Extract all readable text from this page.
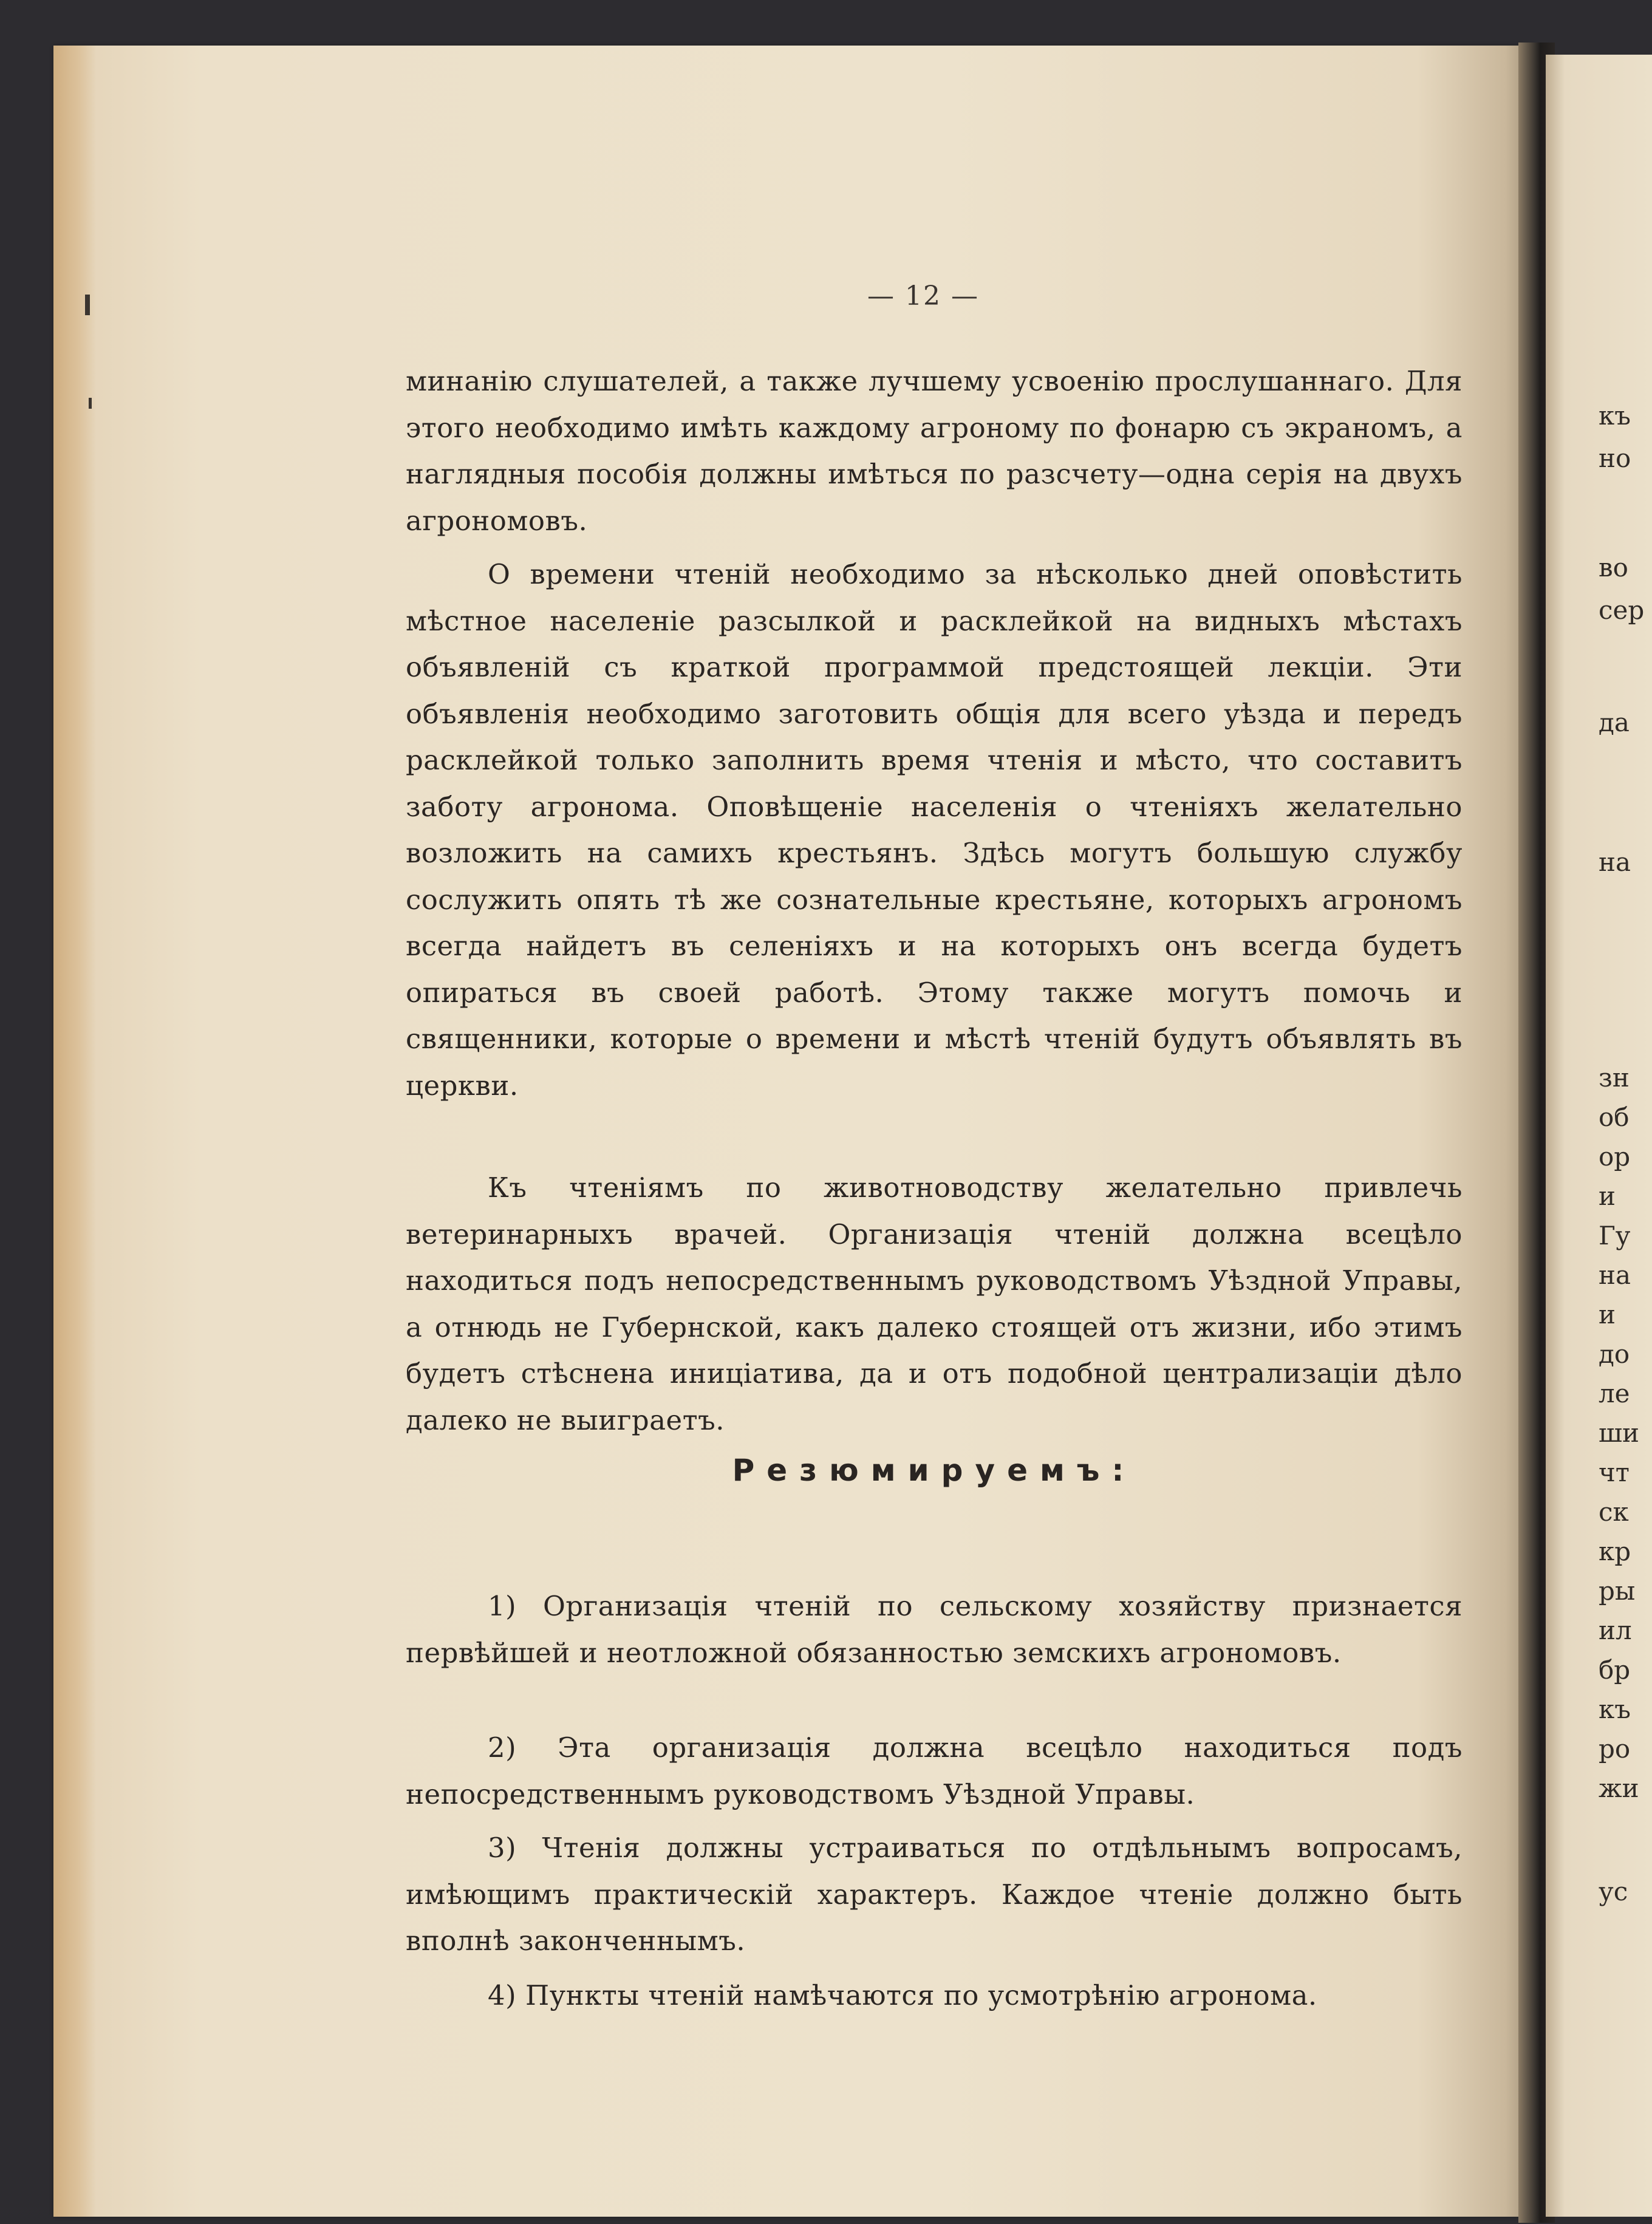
— 12 —

минанію слушателей, а также лучшему усвоенію прослушаннаго. Для этого необходимо имѣть каждому агроному по фонарю съ экраномъ, а наглядныя пособія должны имѣться по разсчету—одна серія на двухъ агрономовъ.

О времени чтеній необходимо за нѣсколько дней оповѣстить мѣстное населеніе разсылкой и расклейкой на видныхъ мѣстахъ объявленій съ краткой программой предстоящей лекціи. Эти объявленія необходимо заготовить общія для всего уѣзда и передъ расклейкой только заполнить время чтенія и мѣсто, что составитъ заботу агронома. Оповѣщеніе населенія о чтеніяхъ желательно возложить на самихъ крестьянъ. Здѣсь могутъ большую службу сослужить опять тѣ же сознательные крестьяне, которыхъ агрономъ всегда найдетъ въ селеніяхъ и на которыхъ онъ всегда будетъ опираться въ своей работѣ. Этому также могутъ помочь и священники, которые о времени и мѣстѣ чтеній будутъ объявлять въ церкви.

Къ чтеніямъ по животноводству желательно привлечь ветеринарныхъ врачей. Организація чтеній должна всецѣло находиться подъ непосредственнымъ руководствомъ Уѣздной Управы, а отнюдь не Губернской, какъ далеко стоящей отъ жизни, ибо этимъ будетъ стѣснена иниціатива, да и отъ подобной централизаціи дѣло далеко не выиграетъ.

Резюмируемъ:

1) Организація чтеній по сельскому хозяйству признается первѣйшей и неотложной обязанностью земскихъ агрономовъ.

2) Эта организація должна всецѣло находиться подъ непосредственнымъ руководствомъ Уѣздной Управы.

3) Чтенія должны устраиваться по отдѣльнымъ вопросамъ, имѣющимъ практическій характеръ. Каждое чтеніе должно быть вполнѣ законченнымъ.

4) Пункты чтеній намѣчаются по усмотрѣнію агронома.

къ
но
во
сер
да
на
зн
об
ор
и
Гу
на
и
до
ле
ши
чт
ск
кр
ры
ил
бр
къ
ро
жи
ус
